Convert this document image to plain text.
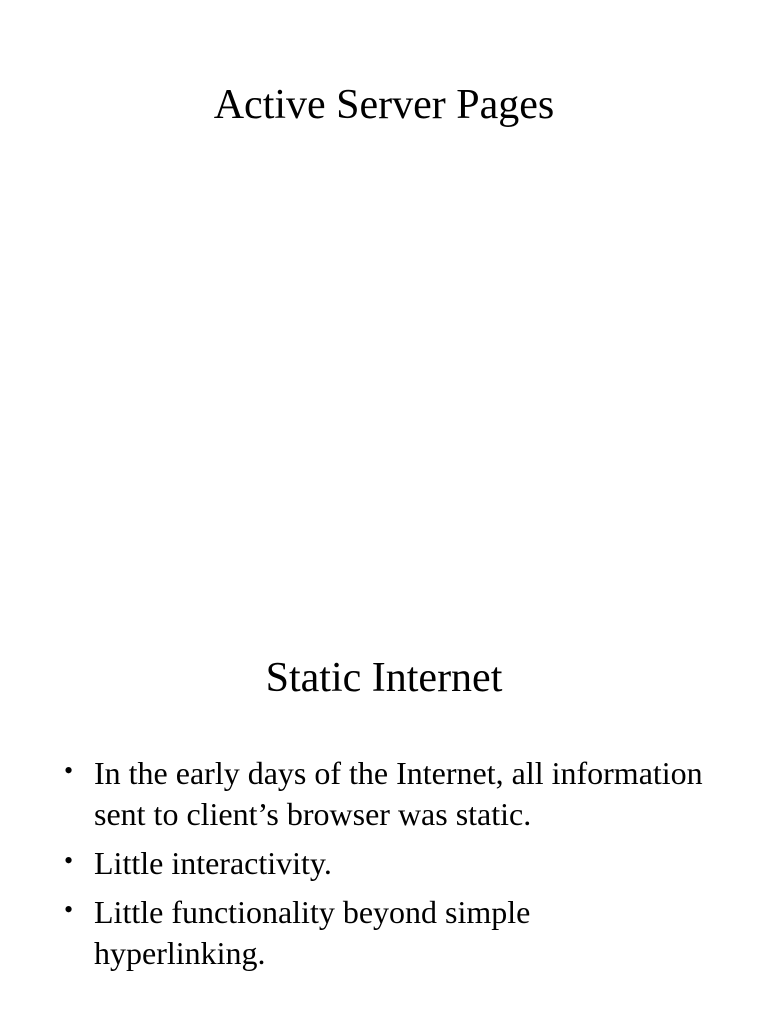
Active Server Pages
Static Internet
• In the early days of the Internet, all information sent to client’s browser was static.
• Little interactivity.
• Little functionality beyond simple hyperlinking.
